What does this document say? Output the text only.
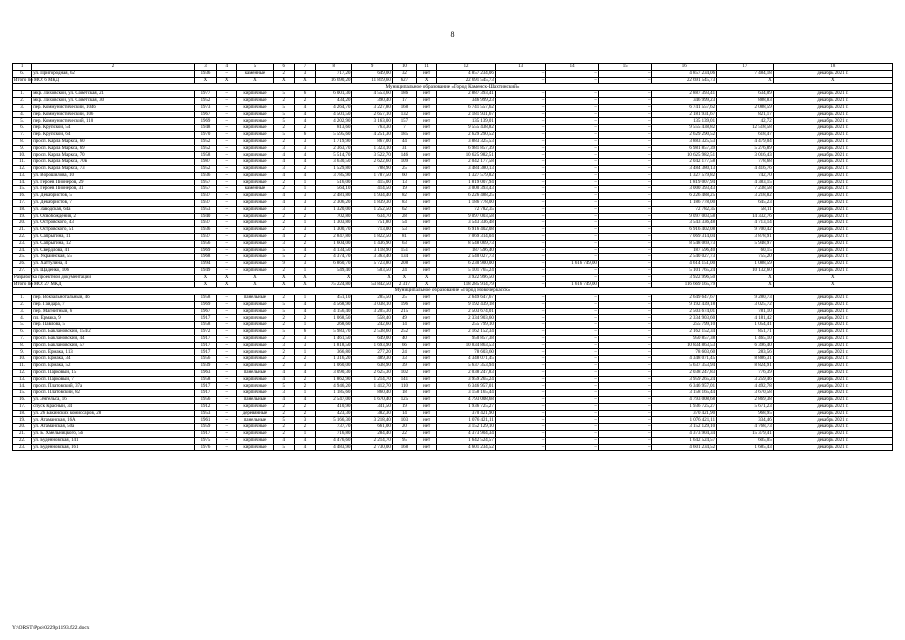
8
1	2	3	4	5	6	7	8	9	10	11	12	13	14	15	16	17	18
6.	ул. Пригородная, 62	1936	–	каменные	2	3	717,20	649,00	32	нет	4 857 234,06	–	–	–	4 857 234,06	7 484,18	декабрь 2021 г.
Итого по МО: 6 МКД		X	X	X	X	X	16 690,20	11 819,60	627	X	22 691 545,73	–	–	–	22 691 545,73	X	X
Муниципальное образование «Город Каменск-Шахтинский»																	
1.	мкр. Лиховской, ул. Советская, 21	1977	–	кирпичные	5	6	6 001,30	4 553,60	186	нет	2 887 393,41	–	–	–	2 887 393,41	634,09	декабрь 2021 г.
2.	мкр. Лиховской, ул. Советская, 30	1952	–	кирпичные	2	2	434,20	390,40	17	нет	346 999,23	–	–	–	346 999,23	888,83	декабрь 2021 г.
3.	пер. Коммунистический, 104б	1973	–	кирпичные	5	4	4 264,70	3 227,80	168	нет	6 741 557,62	–	–	–	6 741 557,62	2 088,59	декабрь 2021 г.
4.	пер. Коммунистический, 106	1967	–	кирпичные	5	4	4 501,50	2 657,10	132	нет	2 181 931,67	–	–	–	2 181 931,67	821,17	декабрь 2021 г.
5.	пер. Коммунистический, 110	1969	–	кирпичные	5	4	4 202,90	3 163,00	157	нет	135 139,01	–	–	–	135 139,01	42,72	декабрь 2021 г.
6.	пер. Крупской, 54	1948	–	кирпичные	2	2	813,60	763,30	7	нет	9 555 438,82	–	–	–	9 555 438,82	12 518,58	декабрь 2021 г.
7.	пер. Крупской, 64	1970	–	кирпичные	5	6	5 595,60	4 251,30	185	нет	2 629 290,52	–	–	–	2 629 290,52	618,47	декабрь 2021 г.
8.	просп. Карла Маркса, 60	1952	–	кирпичные	2	3	1 719,90	867,00	44	нет	3 883 325,53	–	–	–	3 883 325,53	4 479,04	декабрь 2021 г.
9.	просп. Карла Маркса, 69	1952	–	кирпичные	3	3	2 363,70	1 323,10	31	нет	6 981 857,39	–	–	–	6 981 857,39	5 276,89	декабрь 2021 г.
10.	просп. Карла Маркса, 70	1958	–	кирпичные	4	4	5 514,70	3 522,70	146	нет	10 625 982,51	–	–	–	10 625 982,51	3 016,43	декабрь 2021 г.
11.	просп. Карла Маркса, 70в	1987	–	кирпичные	4	4	3 630,50	2 622,60	109	нет	2 042 177,58	–	–	–	2 042 177,58	778,68	декабрь 2021 г.
12.	просп. Карла Маркса, 73	1952	–	кирпичные	3	2	1 529,80	788,90	25	нет	3 484 380,13	–	–	–	3 484 380,13	4 416,76	декабрь 2021 г.
13.	ул. Ворошилова, 10	1936	–	кирпичные	4	4	3 785,90	1 787,50	60	нет	1 327 579,82	–	–	–	1 327 579,82	742,70	декабрь 2021 г.
14.	ул. Героев Пионеров, 29	1957	–	кирпичные	2	1	516,00	415,00	13	нет	1 819 007,94	–	–	–	1 819 007,94	4 383,15	декабрь 2021 г.
15.	ул. Героев Пионеров, 31	1957	–	каменные	2	1	564,10	414,50	19	нет	3 000 393,43	–	–	–	3 000 393,43	7 238,58	декабрь 2021 г.
16.	ул. Декабристов, 5	1937	–	кирпичные	4	3	2 481,80	1 934,40	82	нет	6 226 488,25	–	–	–	6 226 488,25	3 218,82	декабрь 2021 г.
17.	ул. Декабристов, 7	1937	–	кирпичные	4	3	2 306,20	1 839,30	83	нет	1 186 778,00	–	–	–	1 186 778,00	645,23	декабрь 2021 г.
18.	ул. Заводская, 64а	1953	–	кирпичные	3	3	1 320,00	1 252,50	62	нет	72 782,35	–	–	–	72 782,35	58,11	декабрь 2021 г.
19.	ул. Освобождения, 2	1940	–	кирпичные	2	2	702,80	634,70	28	нет	9 097 003,58	–	–	–	9 097 003,58	14 332,76	декабрь 2021 г.
20.	ул. Островского, 43	1937	–	кирпичные	2	1	1 303,80	751,80	54	нет	3 543 336,48	–	–	–	3 543 336,48	4 713,14	декабрь 2021 г.
21.	ул. Островского, 51	1936	–	кирпичные	2	3	1 300,70	713,00	53	нет	6 916 402,08	–	–	–	6 916 402,08	9 700,42	декабрь 2021 г.
22.	ул. Сапрыгина, 11	1937	–	кирпичные	4	2	2 847,80	1 822,50	81	нет	7 069 314,04	–	–	–	7 069 314,04	3 878,91	декабрь 2021 г.
23.	ул. Сапрыгина, 12	1956	–	кирпичные	3	2	1 604,00	1 436,90	63	нет	8 548 069,73	–	–	–	8 548 069,73	5 948,97	декабрь 2021 г.
24.	ул. Свердлова, 41	1969	–	кирпичные	5	4	4 134,50	3 118,90	151	нет	187 596,40	–	–	–	187 596,40	60,15	декабрь 2021 г.
25.	ул. Украинская, 55	1968	–	кирпичные	5	2	4 374,70	3 363,40	134	нет	2 540 027,73	–	–	–	2 540 027,73	755,20	декабрь 2021 г.
26.	ул. Хаттулина, 4	1994	–	кирпичные	9	3	6 860,70	5 723,80	208	нет	6 230 900,00	–	1 616 749,00	–	4 614 151,00	1 088,59	декабрь 2021 г.
27.	ул. Щаденко, 106	1949	–	кирпичные	2	1	549,40	503,50	24	нет	5 101 765,24	–	–	–	5 101 765,24	10 132,60	декабрь 2021 г.
Разработка проектной документации		X	X	X	X	X	X	X	X	X	3 922 996,50	–	–	–	3 922 996,50	X	X
Итого по МО: 27 МКД		X	X	X	X	X	75 224,80	53 842,50	2 317	X	118 285 914,79	–	1 616 749,00	–	116 669 165,79	X	X
Муниципальное образование «Город Новочеркасск»																	
1.	пер. Вокзальнотальный, 4б	1958	–	панельные	2	1	451,10	285,50	25	нет	2 649 647,67	–	–	–	2 649 647,67	9 280,73	декабрь 2021 г.
2.	пер. Гайдара, 7	1969	–	кирпичные	5	4	4 568,90	3 038,10	196	нет	9 192 439,18	–	–	–	9 192 439,18	3 025,72	декабрь 2021 г.
3.	пер. Магнитный, 6	1967	–	кирпичные	5	4	4 156,40	3 205,30	215	нет	2 503 674,01	–	–	–	2 503 674,01	781,10	декабрь 2021 г.
4.	пл. Ермака, 9	1917	–	кирпичные	2	2	1 068,50	558,40	49	нет	2 334 903,60	–	–	–	2 334 903,60	4 181,42	декабрь 2021 г.
5.	пер. Павлова, 5	1958	–	кирпичные	2	1	268,60	242,60	14	нет	255 799,10	–	–	–	255 799,10	1 054,41	декабрь 2021 г.
6.	просп. Баклановский, 154/2	1972	–	кирпичные	5	6	5 983,70	2 538,60	252	нет	2 162 152,34	–	–	–	2 162 152,34	851,71	декабрь 2021 г.
7.	просп. Баклановский, 44	1917	–	кирпичные	2	3	1 461,50	649,00	40	нет	950 857,38	–	–	–	950 857,38	1 465,10	декабрь 2021 г.
8.	просп. Баклановский, 57	1917	–	кирпичные	3	3	1 818,50	1 693,90	66	нет	10 834 863,53	–	–	–	10 834 863,53	6 396,40	декабрь 2021 г.
9.	просп. Ермака, 113	1917	–	кирпичные	2	1	366,80	277,20	24	нет	78 603,60	–	–	–	78 603,60	283,56	декабрь 2021 г.
10.	просп. Ермака, 34	1956	–	кирпичные	2	2	1 316,20	489,30	33	нет	4 348 071,45	–	–	–	4 348 071,45	8 886,31	декабрь 2021 г.
11.	просп. Ермака, 52	1939	–	кирпичные	2	3	1 060,00	638,90	39	нет	5 637 353,94	–	–	–	5 637 353,94	8 824,91	декабрь 2021 г.
12.	просп. Парковый, 15	1963	–	панельные	4	4	3 090,30	2 625,30	102	нет	2 038 247,83	–	–	–	2 038 247,83	776,39	декабрь 2021 г.
13.	просп. Парковый, 7	1958	–	кирпичные	4	2	1 862,90	1 214,70	141	нет	3 959 265,24	–	–	–	3 959 265,24	3 259,46	декабрь 2021 г.
14.	просп. Платовский, 37а	1917	–	кирпичные	5	2	4 946,20	1 412,70	110	нет	6 346 957,01	–	–	–	6 346 957,01	4 492,78	декабрь 2021 г.
15.	просп. Платовский, 82	1917	–	кирпичные	3	1	1 185,60	860,40	18	нет	3 158 165,44	–	–	–	3 158 165,44	3 670,58	декабрь 2021 г.
16.	ул. Энгельса, 16	1956	–	панельные	4	4	2 547,00	1 670,40	125	нет	4 793 008,68	–	–	–	4 793 008,68	2 869,38	декабрь 2021 г.
17.	спуск Красный, 34	1912	–	кирпичные	2	2	410,90	341,50	19	нет	1 936 725,27	–	–	–	1 936 725,27	5 671,23	декабрь 2021 г.
18.	ул. 26 Бакинских комиссаров, 28	1953	–	деревянные	2	2	423,30	382,30	14	нет	370 421,90	–	–	–	370 421,90	968,95	декабрь 2021 г.
19.	ул. Атаманская, 16А	1961	–	панельные	5	3	5 166,30	3 218,40	103	нет	1 076 421,11	–	–	–	1 076 421,11	334,46	декабрь 2021 г.
20.	ул. Атаманская, 50а	1959	–	кирпичные	2	2	737,70	661,00	20	нет	3 152 129,10	–	–	–	3 152 129,10	4 768,73	декабрь 2021 г.
21.	ул. Б. Хмельницкого, 5б	1917	–	кирпичные	2	1	716,80	284,40	22	нет	4 373 904,34	–	–	–	4 373 904,34	15 379,41	декабрь 2021 г.
22.	ул. Буденновская, 141	1975	–	кирпичные	4	4	4 476,60	2 214,70	95	нет	1 642 524,57	–	–	–	1 642 524,57	605,05	декабрь 2021 г.
23.	ул. Буденновская, 161	1976	–	кирпичные	5	4	4 483,90	2 730,00	168	нет	4 601 234,52	–	–	–	4 601 234,52	1 685,43	декабрь 2021 г.
Y:\ORST\Ppo\0229p1193.f22.docx
